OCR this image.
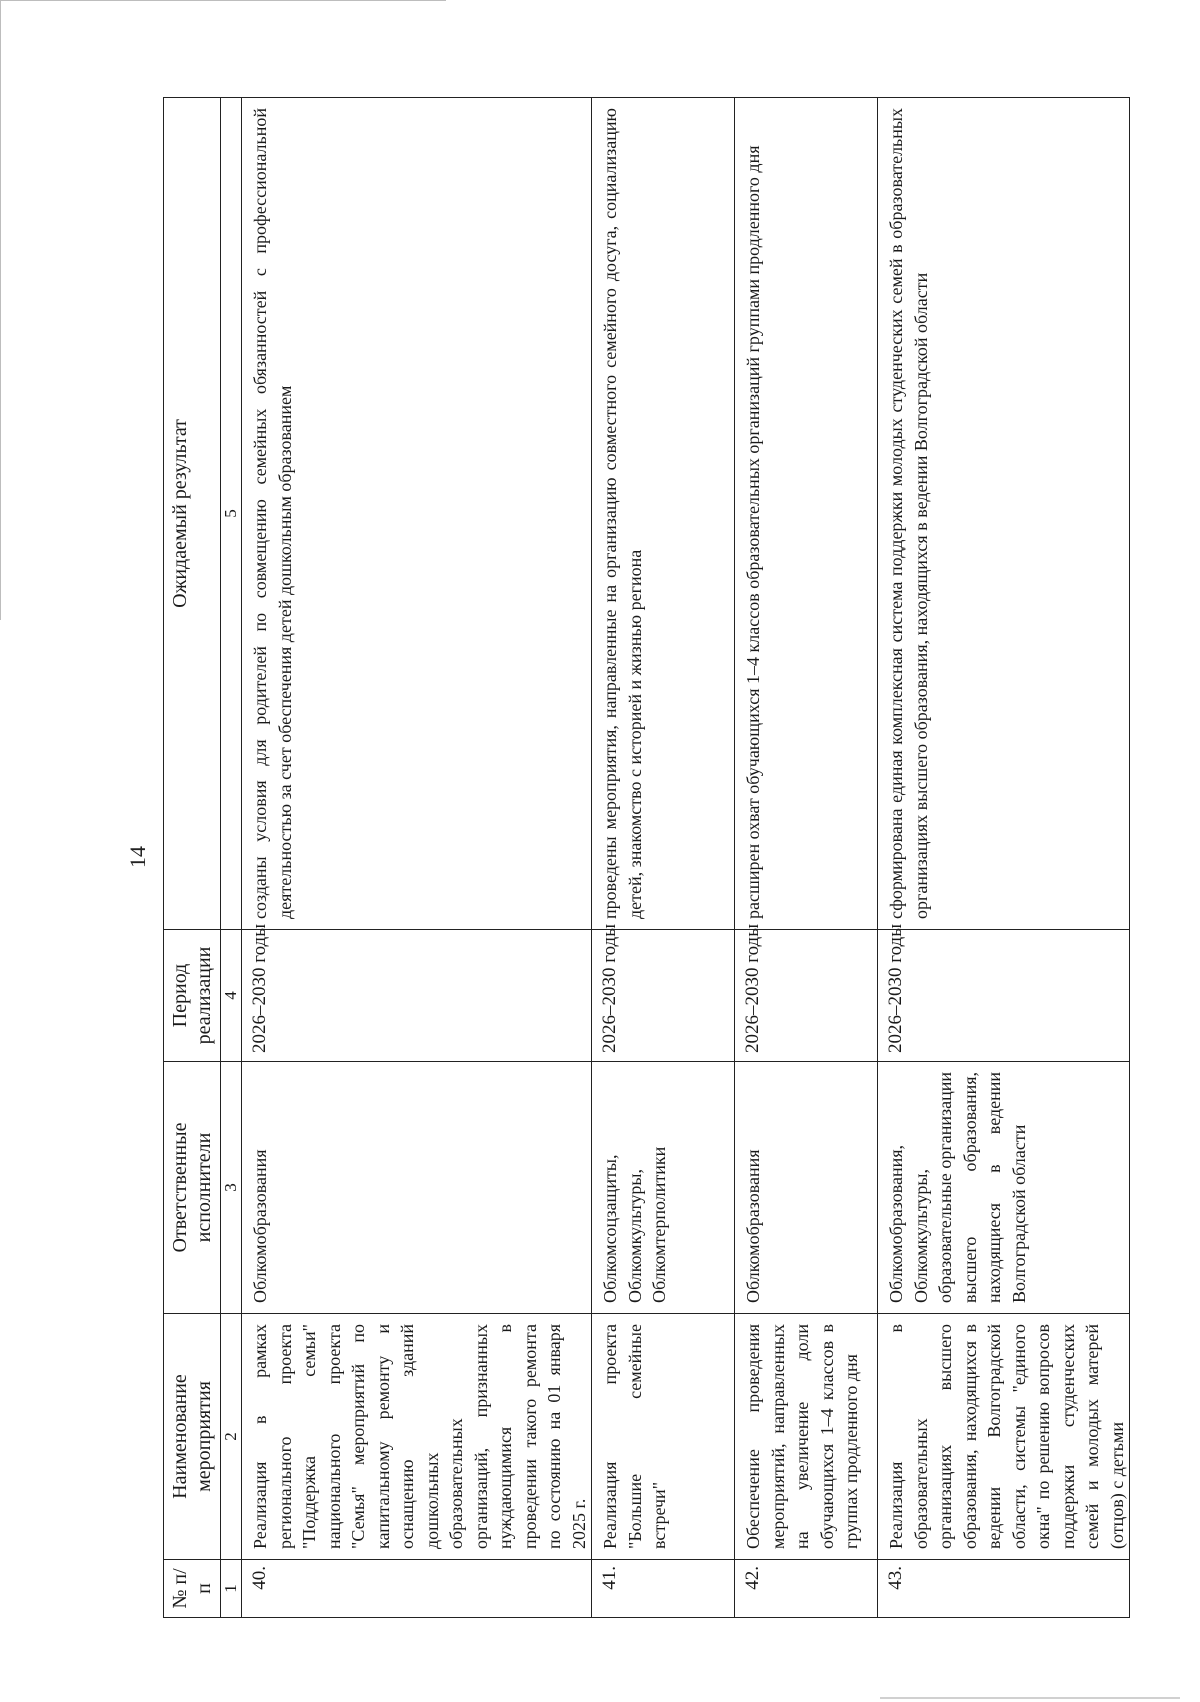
14
№ п/п	Наименование мероприятия	Ответственные исполнители	Период реализации	Ожидаемый результат
1	2	3	4	5
40.	Реализация в рамках регионального проекта "Поддержка семьи" национального проекта "Семья" мероприятий по капитальному ремонту и оснащению зданий дошкольных образовательных организаций, признанных нуждающимися в проведении такого ремонта по состоянию на 01 января 2025 г.	Облкомобразования	2026–2030 годы	созданы условия для родителей по совмещению семейных обязанностей с профессиональной деятельностью за счет обеспечения детей дошкольным образованием
41.	Реализация проекта "Большие семейные встречи"	Облкомсоцзащиты, Облкомкультуры, Облкомтерполитики	2026–2030 годы	проведены мероприятия, направленные на организацию совместного семейного досуга, социализацию детей, знакомство с историей и жизнью региона
42.	Обеспечение проведения мероприятий, направленных на увеличение доли обучающихся 1–4 классов в группах продленного дня	Облкомобразования	2026–2030 годы	расширен охват обучающихся 1–4 классов образовательных организаций группами продленного дня
43.	Реализация в образовательных организациях высшего образования, находящихся в ведении Волгоградской области, системы "единого окна" по решению вопросов поддержки студенческих семей и молодых матерей (отцов) с детьми	Облкомобразования, Облкомкультуры, образовательные организации высшего образования, находящиеся в ведении Волгоградской области	2026–2030 годы	сформирована единая комплексная система поддержки молодых студенческих семей в образовательных организациях высшего образования, находящихся в ведении Волгоградской области
